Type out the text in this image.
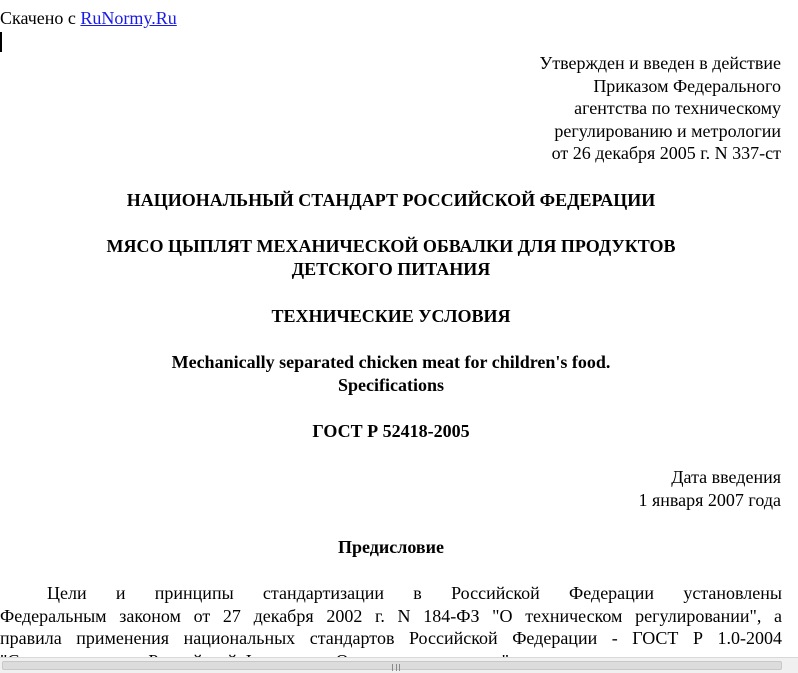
Скачено с RuNormy.Ru
Утвержден и введен в действие
Приказом Федерального
агентства по техническому
регулированию и метрологии
от 26 декабря 2005 г. N 337-ст
НАЦИОНАЛЬНЫЙ СТАНДАРТ РОССИЙСКОЙ ФЕДЕРАЦИИ
МЯСО ЦЫПЛЯТ МЕХАНИЧЕСКОЙ ОБВАЛКИ ДЛЯ ПРОДУКТОВ
ДЕТСКОГО ПИТАНИЯ
ТЕХНИЧЕСКИЕ УСЛОВИЯ
Mechanically separated chicken meat for children's food.
Specifications
ГОСТ Р 52418-2005
Дата введения
1 января 2007 года
Предисловие
Цели и принципы стандартизации в Российской Федерации установлены
Федеральным законом от 27 декабря 2002 г. N 184-ФЗ "О техническом регулировании", а
правила применения национальных стандартов Российской Федерации - ГОСТ Р 1.0-2004
